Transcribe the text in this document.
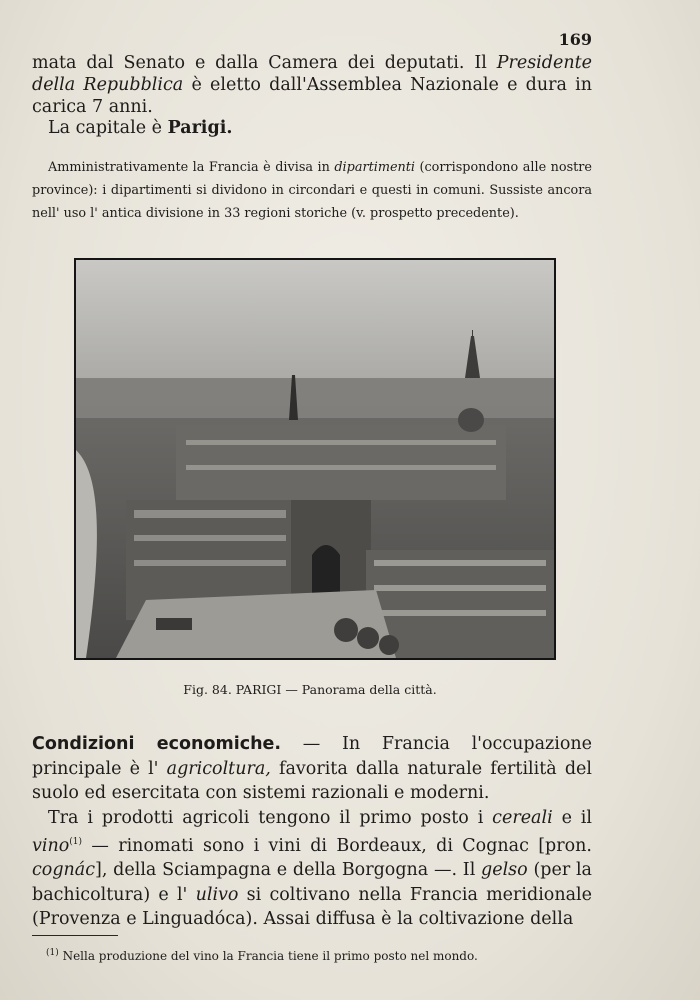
169
mata dal Senato e dalla Camera dei deputati. Il Presidente della Repubblica è eletto dall'Assemblea Nazionale e dura in carica 7 anni.
La capitale è Parigi.
Amministrativamente la Francia è divisa in dipartimenti (corrispondono alle nostre province): i dipartimenti si dividono in circondari e questi in comuni. Sussiste ancora nell' uso l' antica divisione in 33 regioni storiche (v. prospetto precedente).
Fig. 84. PARIGI — Panorama della città.

Condizioni economiche. — In Francia l'occupazione principale è l' agricoltura, favorita dalla naturale fertilità del suolo ed esercitata con sistemi razionali e moderni.

Tra i prodotti agricoli tengono il primo posto i cereali e il vino$^{(1)}$ — rinomati sono i vini di Bordeaux, di Cognac [pron. cognác], della Sciampagna e della Borgogna —. Il gelso (per la bachicoltura) e l' ulivo si coltivano nella Francia meridionale (Provenza e Linguadóca). Assai diffusa è la coltivazione della

$^{(1)}$ Nella produzione del vino la Francia tiene il primo posto nel mondo.
